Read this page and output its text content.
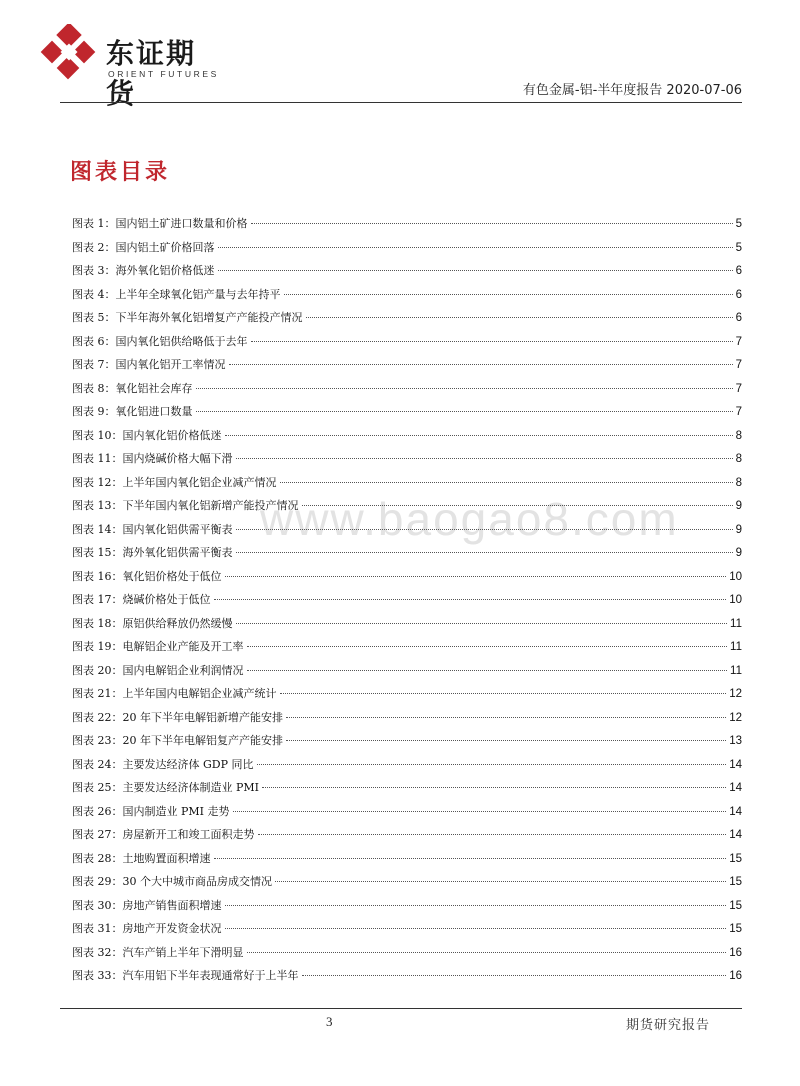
东证期货
ORIENT FUTURES
有色金属-铝-半年度报告 2020-07-06
www.baogao8.com
图表目录
图表 1：国内铝土矿进口数量和价格	5
图表 2：国内铝土矿价格回落	5
图表 3：海外氧化铝价格低迷	6
图表 4：上半年全球氧化铝产量与去年持平	6
图表 5：下半年海外氧化铝增复产产能投产情况	6
图表 6：国内氧化铝供给略低于去年	7
图表 7：国内氧化铝开工率情况	7
图表 8：氧化铝社会库存	7
图表 9：氧化铝进口数量	7
图表 10：国内氧化铝价格低迷	8
图表 11：国内烧碱价格大幅下滑	8
图表 12：上半年国内氧化铝企业减产情况	8
图表 13：下半年国内氧化铝新增产能投产情况	9
图表 14：国内氧化铝供需平衡表	9
图表 15：海外氧化铝供需平衡表	9
图表 16：氧化铝价格处于低位	10
图表 17：烧碱价格处于低位	10
图表 18：原铝供给释放仍然缓慢	11
图表 19：电解铝企业产能及开工率	11
图表 20：国内电解铝企业利润情况	11
图表 21：上半年国内电解铝企业减产统计	12
图表 22：20 年下半年电解铝新增产能安排	12
图表 23：20 年下半年电解铝复产产能安排	13
图表 24：主要发达经济体 GDP 同比	14
图表 25：主要发达经济体制造业 PMI	14
图表 26：国内制造业 PMI 走势	14
图表 27：房屋新开工和竣工面积走势	14
图表 28：土地购置面积增速	15
图表 29：30 个大中城市商品房成交情况	15
图表 30：房地产销售面积增速	15
图表 31：房地产开发资金状况	15
图表 32：汽车产销上半年下滑明显	16
图表 33：汽车用铝下半年表现通常好于上半年	16
3	期货研究报告
